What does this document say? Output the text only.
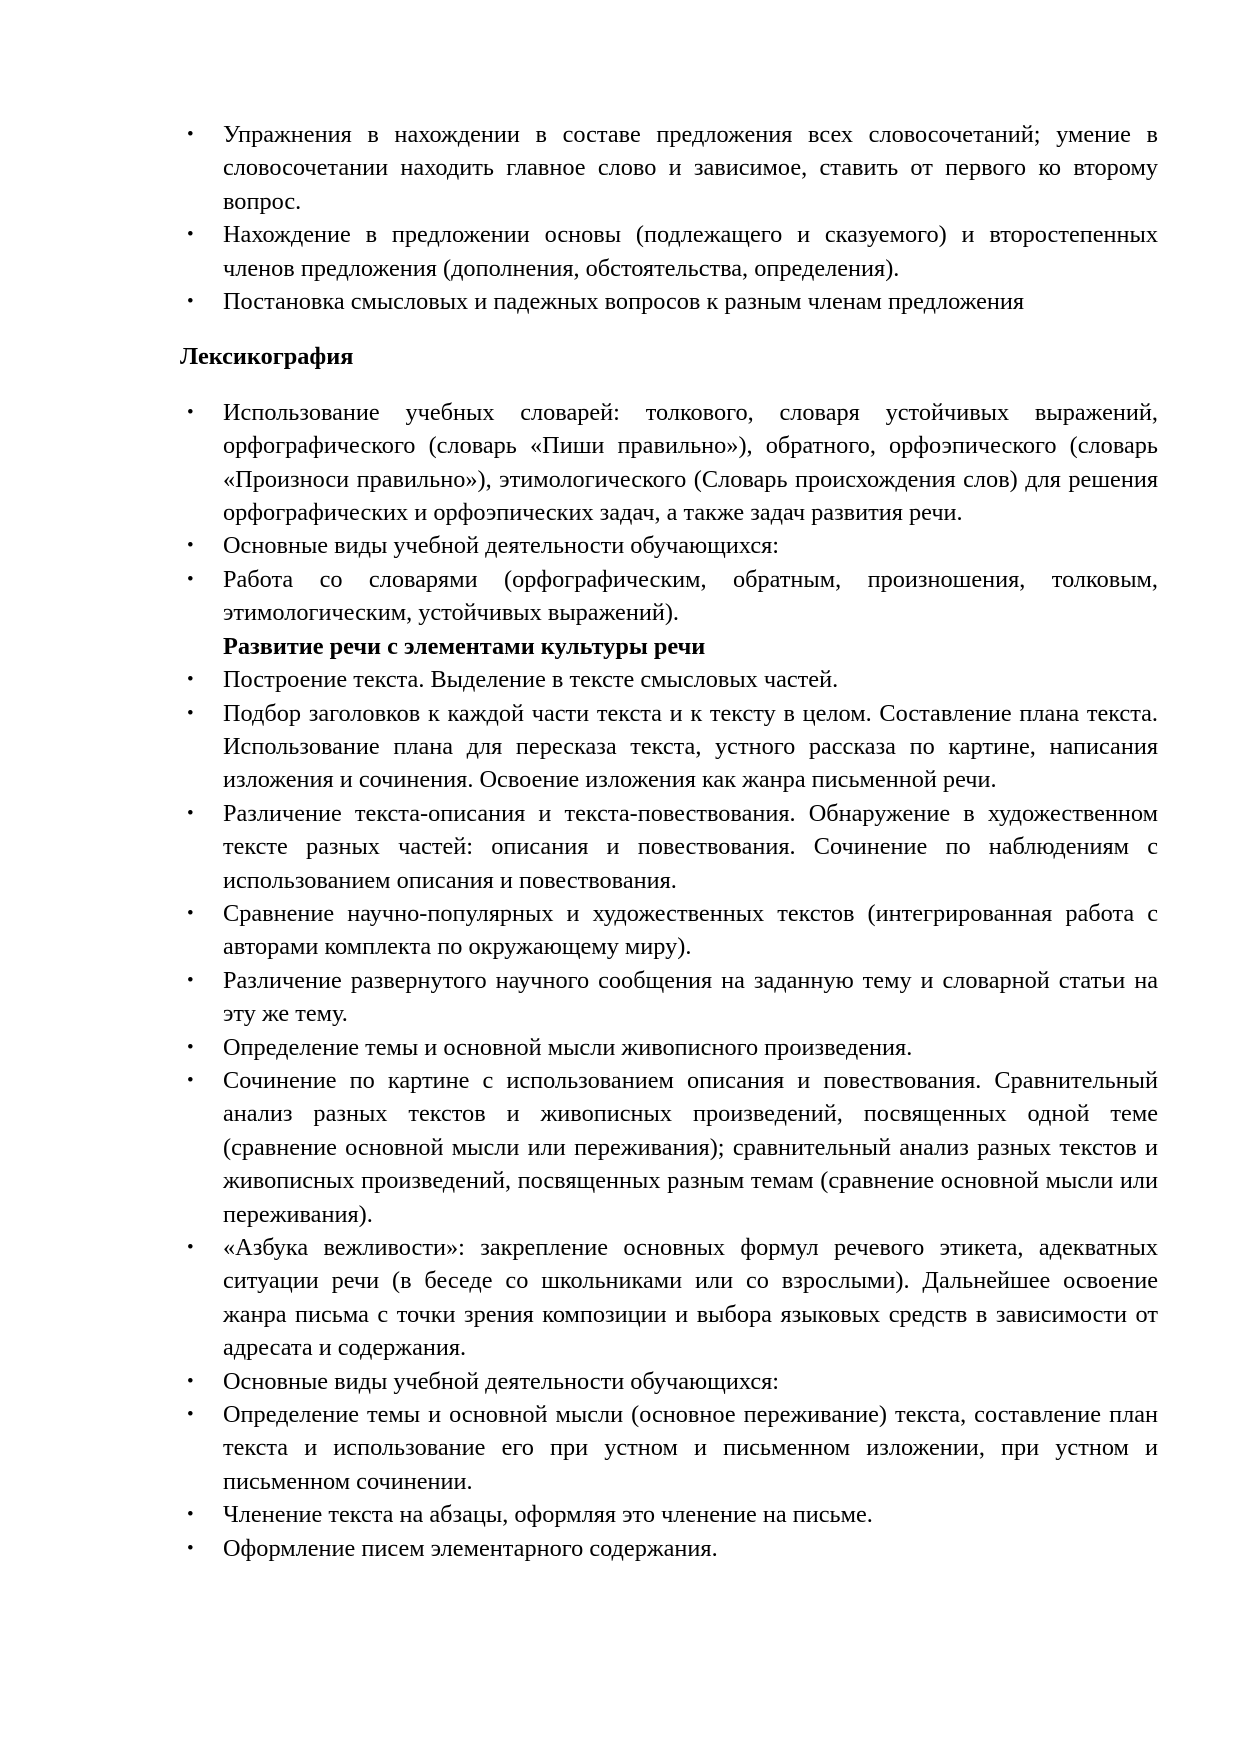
• Упражнения в нахождении в составе предложения всех словосочетаний; умение в словосочетании находить главное слово и зависимое, ставить от первого ко второму вопрос.
• Нахождение в предложении основы (подлежащего и сказуемого) и второстепенных членов предложения (дополнения, обстоятельства, определения).
• Постановка смысловых и падежных вопросов к разным членам предложения
Лексикография
• Использование учебных словарей: толкового, словаря устойчивых выражений, орфографического (словарь «Пиши правильно»), обратного, орфоэпического (словарь «Произноси правильно»), этимологического (Словарь происхождения слов) для решения орфографических и орфоэпических задач, а также задач развития речи.
• Основные виды учебной деятельности обучающихся:
• Работа со словарями (орфографическим, обратным, произношения, толковым, этимологическим, устойчивых выражений).
Развитие речи с элементами культуры речи
• Построение текста. Выделение в тексте смысловых частей.
• Подбор заголовков к каждой части текста и к тексту в целом. Составление плана текста. Использование плана для пересказа текста, устного рассказа по картине, написания изложения и сочинения. Освоение изложения как жанра письменной речи.
• Различение текста-описания и текста-повествования. Обнаружение в художественном тексте разных частей: описания и повествования. Сочинение по наблюдениям с использованием описания и повествования.
• Сравнение научно-популярных и художественных текстов (интегрированная работа с авторами комплекта по окружающему миру).
• Различение развернутого научного сообщения на заданную тему и словарной статьи на эту же тему.
• Определение темы и основной мысли живописного произведения.
• Сочинение по картине с использованием описания и повествования. Сравнительный анализ разных текстов и живописных произведений, посвященных одной теме (сравнение основной мысли или переживания); сравнительный анализ разных текстов и живописных произведений, посвященных разным темам (сравнение основной мысли или переживания).
• «Азбука вежливости»: закрепление основных формул речевого этикета, адекватных ситуации речи (в беседе со школьниками или со взрослыми). Дальнейшее освоение жанра письма с точки зрения композиции и выбора языковых средств в зависимости от адресата и содержания.
• Основные виды учебной деятельности обучающихся:
• Определение темы и основной мысли (основное переживание) текста, составление план текста и использование его при устном и письменном изложении, при устном и письменном сочинении.
• Членение текста на абзацы, оформляя это членение на письме.
• Оформление писем элементарного содержания.
